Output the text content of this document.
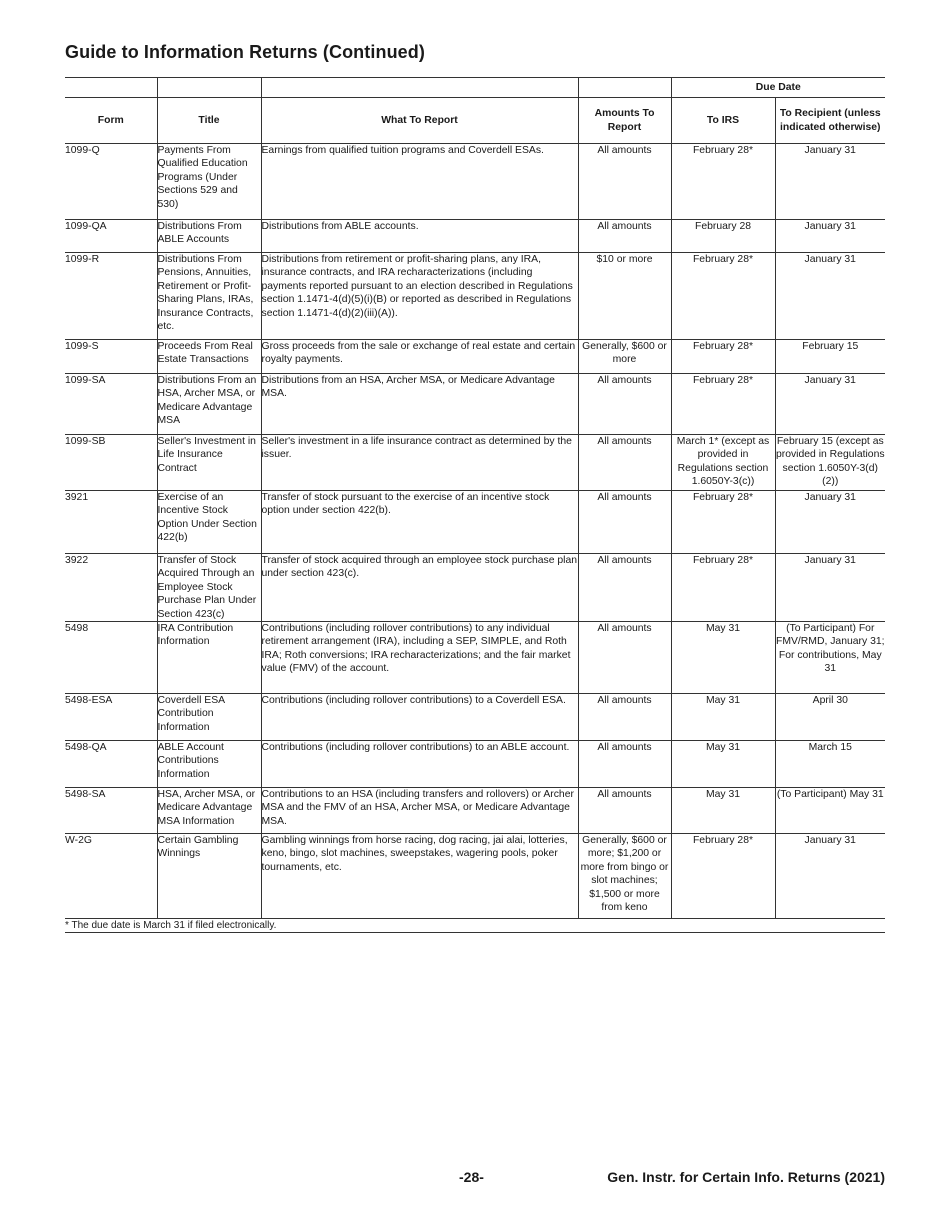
Guide to Information Returns (Continued)
				Due Date	
Form	Title	What To Report	Amounts To Report	To IRS	To Recipient (unless indicated otherwise)
1099-Q	Payments From Qualified Education Programs (Under Sections 529 and 530)	Earnings from qualified tuition programs and Coverdell ESAs.	All amounts	February 28*	January 31
1099-QA	Distributions From ABLE Accounts	Distributions from ABLE accounts.	All amounts	February 28	January 31
1099-R	Distributions From Pensions, Annuities, Retirement or Profit-Sharing Plans, IRAs, Insurance Contracts, etc.	Distributions from retirement or profit-sharing plans, any IRA, insurance contracts, and IRA recharacterizations (including payments reported pursuant to an election described in Regulations section 1.1471-4(d)(5)(i)(B) or reported as described in Regulations section 1.1471-4(d)(2)(iii)(A)).	$10 or more	February 28*	January 31
1099-S	Proceeds From Real Estate Transactions	Gross proceeds from the sale or exchange of real estate and certain royalty payments.	Generally, $600 or more	February 28*	February 15
1099-SA	Distributions From an HSA, Archer MSA, or Medicare Advantage MSA	Distributions from an HSA, Archer MSA, or Medicare Advantage MSA.	All amounts	February 28*	January 31
1099-SB	Seller's Investment in Life Insurance Contract	Seller's investment in a life insurance contract as determined by the issuer.	All amounts	March 1* (except as provided in Regulations section 1.6050Y-3(c))	February 15 (except as provided in Regulations section 1.6050Y-3(d)(2))
3921	Exercise of an Incentive Stock Option Under Section 422(b)	Transfer of stock pursuant to the exercise of an incentive stock option under section 422(b).	All amounts	February 28*	January 31
3922	Transfer of Stock Acquired Through an Employee Stock Purchase Plan Under Section 423(c)	Transfer of stock acquired through an employee stock purchase plan under section 423(c).	All amounts	February 28*	January 31
5498	IRA Contribution Information	Contributions (including rollover contributions) to any individual retirement arrangement (IRA), including a SEP, SIMPLE, and Roth IRA; Roth conversions; IRA recharacterizations; and the fair market value (FMV) of the account.	All amounts	May 31	(To Participant) For FMV/RMD, January 31; For contributions, May 31
5498-ESA	Coverdell ESA Contribution Information	Contributions (including rollover contributions) to a Coverdell ESA.	All amounts	May 31	April 30
5498-QA	ABLE Account Contributions Information	Contributions (including rollover contributions) to an ABLE account.	All amounts	May 31	March 15
5498-SA	HSA, Archer MSA, or Medicare Advantage MSA Information	Contributions to an HSA (including transfers and rollovers) or Archer MSA and the FMV of an HSA, Archer MSA, or Medicare Advantage MSA.	All amounts	May 31	(To Participant) May 31
W-2G	Certain Gambling Winnings	Gambling winnings from horse racing, dog racing, jai alai, lotteries, keno, bingo, slot machines, sweepstakes, wagering pools, poker tournaments, etc.	Generally, $600 or more; $1,200 or more from bingo or slot machines; $1,500 or more from keno	February 28*	January 31
* The due date is March 31 if filed electronically.					
-28-	Gen. Instr. for Certain Info. Returns (2021)
